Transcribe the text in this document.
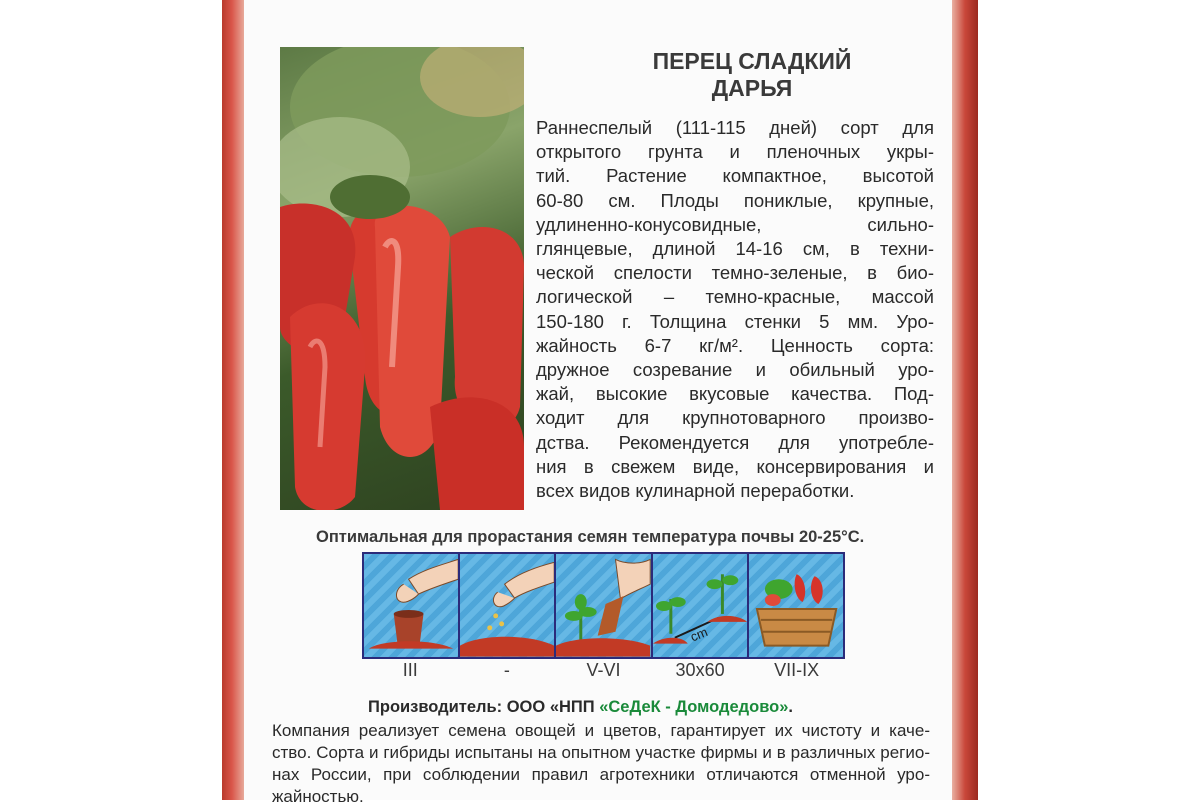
ПЕРЕЦ СЛАДКИЙ
ДАРЬЯ
Раннеспелый (111-115 дней) сорт для
открытого грунта и пленочных укры-
тий. Растение компактное, высотой
60-80 см. Плоды пониклые, крупные,
удлиненно-конусовидные, сильно-
глянцевые, длиной 14-16 см, в техни-
ческой спелости темно-зеленые, в био-
логической – темно-красные, массой
150-180 г. Толщина стенки 5 мм. Уро-
жайность 6-7 кг/м². Ценность сорта:
дружное созревание и обильный уро-
жай, высокие вкусовые качества. Под-
ходит для крупнотоварного произво-
дства. Рекомендуется для употребле-
ния в свежем виде, консервирования и
всех видов кулинарной переработки.
Оптимальная для прорастания семян температура почвы 20-25°С.
cm
III	-	V-VI	30x60	VII-IX
Производитель: ООО «НПП «СеДеК - Домодедово».
Компания реализует семена овощей и цветов, гарантирует их чистоту и каче-
ство. Сорта и гибриды испытаны на опытном участке фирмы и в различных регио-
нах России, при соблюдении правил агротехники отличаются отменной уро-
жайностью.
